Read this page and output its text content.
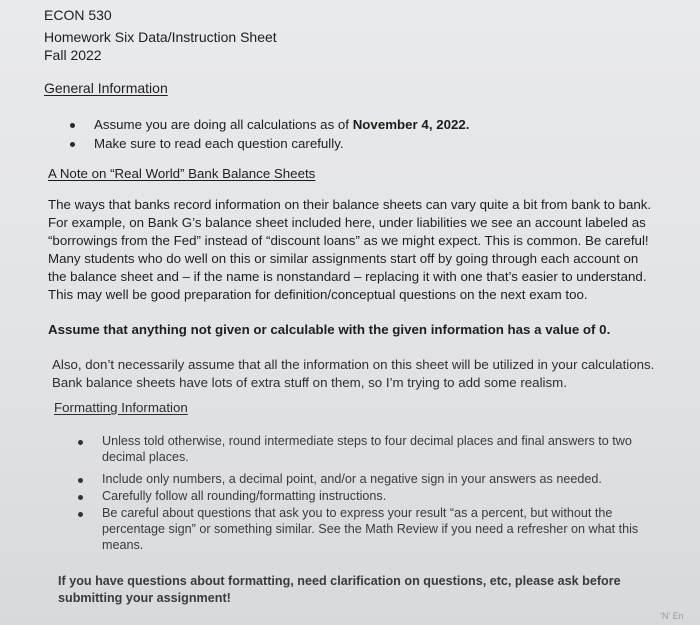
ECON 530
Homework Six Data/Instruction Sheet
Fall 2022
General Information
Assume you are doing all calculations as of November 4, 2022.
Make sure to read each question carefully.
A Note on “Real World” Bank Balance Sheets
The ways that banks record information on their balance sheets can vary quite a bit from bank to bank.
For example, on Bank G’s balance sheet included here, under liabilities we see an account labeled as
“borrowings from the Fed” instead of “discount loans” as we might expect. This is common. Be careful!
Many students who do well on this or similar assignments start off by going through each account on
the balance sheet and – if the name is nonstandard – replacing it with one that’s easier to understand.
This may well be good preparation for definition/conceptual questions on the next exam too.
Assume that anything not given or calculable with the given information has a value of 0.
Also, don’t necessarily assume that all the information on this sheet will be utilized in your calculations.
Bank balance sheets have lots of extra stuff on them, so I’m trying to add some realism.
Formatting Information
Unless told otherwise, round intermediate steps to four decimal places and final answers to two
decimal places.
Include only numbers, a decimal point, and/or a negative sign in your answers as needed.
Carefully follow all rounding/formatting instructions.
Be careful about questions that ask you to express your result “as a percent, but without the
percentage sign” or something similar. See the Math Review if you need a refresher on what this
means.
If you have questions about formatting, need clarification on questions, etc, please ask before
submitting your assignment!
’N’ En
